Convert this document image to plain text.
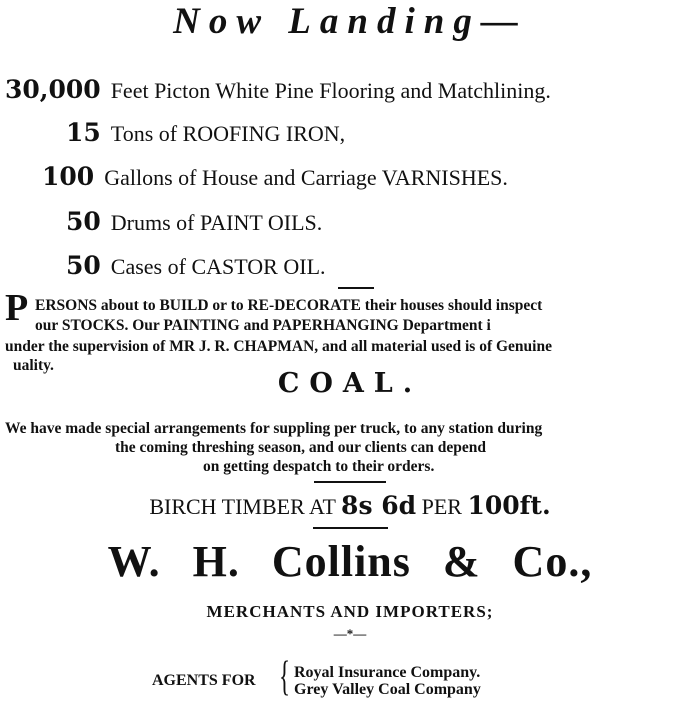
Now Landing—
30,000 Feet Picton White Pine Flooring and Matchlining.
15 Tons of ROOFING IRON,
100 Gallons of House and Carriage VARNISHES.
50 Drums of PAINT OILS.
50 Cases of CASTOR OIL.
P ERSONS about to BUILD or to RE-DECORATE their houses should inspect
our STOCKS. Our PAINTING and PAPERHANGING Department i
under the supervision of MR J. R. CHAPMAN, and all material used is of Genuine
uality.
COAL.
We have made special arrangements for suppling per truck, to any station during
the coming threshing season, and our clients can depend
on getting despatch to their orders.
BIRCH TIMBER AT 8s 6d PER 100ft.
W. H. Collins & Co.,
MERCHANTS AND IMPORTERS;
—*—
AGENTS FOR { Royal Insurance Company.
Grey Valley Coal Company
